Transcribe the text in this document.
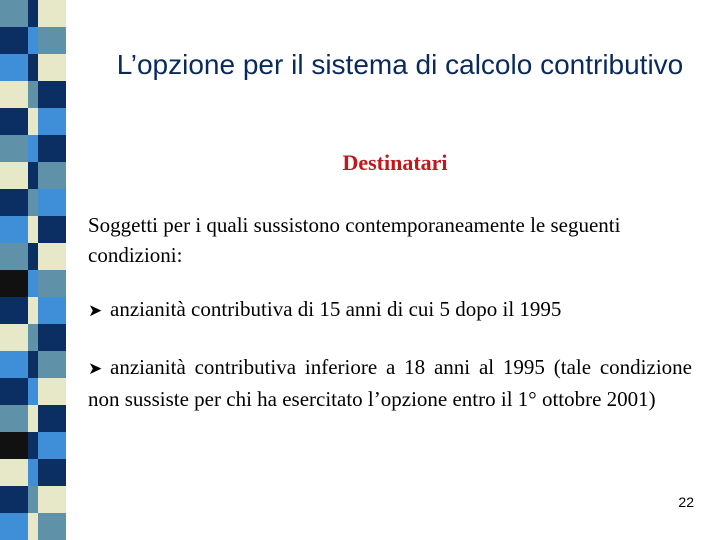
L’opzione per il sistema di calcolo contributivo
Destinatari
Soggetti per i quali sussistono contemporaneamente le seguenti condizioni:
➤ anzianità contributiva di 15 anni di cui 5 dopo il 1995
➤ anzianità contributiva inferiore a 18 anni al 1995 (tale condizione non sussiste per chi ha esercitato l’opzione entro il 1° ottobre 2001)
22
